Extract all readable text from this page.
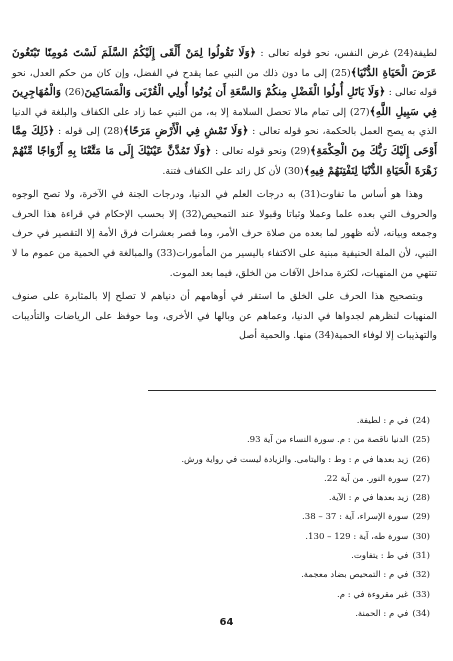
لطيفة(24) غرض النفس، نحو قوله تعالى : ﴿وَلَا تَقُولُوا لِمَنْ أَلْقَى إِلَيْكُمُ السَّلَمَ لَسْتَ مُومِنًا تَبْتَغُونَ عَرَضَ الْحَيَاةِ الدُّنْيَا﴾(25) إلى ما دون ذلك من النبي عما يقدح في الفضل، وإن كان من حكم العدل، نحو قوله تعالى : ﴿وَلَا يَاتَلِ أُولُوا الْفَضْلِ مِنكُمْ وَالسَّعَةِ أَن يُوتُوا أُولِي الْقُرْبَى وَالْمَسَاكِينَ(26) وَالْمُهَاجِرِينَ فِي سَبِيلِ اللَّهِ﴾(27) إلى تمام مالا تحصل السلامة إلا به، من النبي عما زاد على الكفاف والبلغة في الدنيا الذي به يصح العمل بالحكمة، نحو قوله تعالى : ﴿وَلَا تَمْشِ فِي الْأَرْضِ مَرَحًا﴾(28) إلى قوله : ﴿ذَلِكَ مِمَّا أَوْحَى إِلَيْكَ رَبُّكَ مِنَ الْحِكْمَةِ﴾(29) ونحو قوله تعالى : ﴿وَلَا تَمُدَّنَّ عَيْنَيْكَ إِلَى مَا مَتَّعْنَا بِهِ أَزْوَاجًا مِّنْهُمْ زَهْرَةَ الْحَيَاةِ الدُّنْيَا لِنَفْتِنَهُمْ فِيهِ﴾(30) لأن كل زائد على الكفاف فتنة.

وهذا هو أساس ما تفاوت(31) به درجات العلم في الدنيا، ودرجات الجنة في الآخرة، ولا تصح الوجوه والحروف التي بعده علما وعملا وثباتا وقبولا عند التمحيص(32) إلا بحسب الإحكام في قراءة هذا الحرف وجمعه وبيانه، لأنه ظهور لما بعده من صلاة حرف الأمر، وما قصر بعشرات فرق الأمة إلا التقصير في حرف النبي، لأن الملة الحنيفية مبنية على الاكتفاء باليسير من المأمورات(33) والمبالغة في الحمية من عموم ما لا تنتهي من المنهيات، لكثرة مداخل الآفات من الخلق، فيما بعد الموت.

وبتصحيح هذا الحرف على الخلق ما استقر في أوهامهم أن دنياهم لا تصلح إلا بالمثابرة على صنوف المنهيات لنظرهم لجدواها في الدنيا، وعماهم عن وبالها في الأخرى، وما حوفظ على الرياضات والتأديبات والتهذيبات إلا لوفاء الحمية(34) منها. والحمية أصل

(24)
في م : لطيفة.
(25)
الدنيا ناقصة من : م. سورة النساء من آية 93.
(26)
زيد بعدها في م : وط : واليتامى. والزيادة ليست في رواية ورش.
(27)
سورة النور. من آية 22.
(28)
زيد بعدها في م : الآية.
(29)
سورة الإسراء، آية : 37 – 38.
(30)
سورة طه، آية : 129 – 130.
(31)
في ط : يتفاوت.
(32)
في م : التمحيص بضاد معجمة.
(33)
غير مقروءة في : م.
(34)
في م : الحمنة.
64
